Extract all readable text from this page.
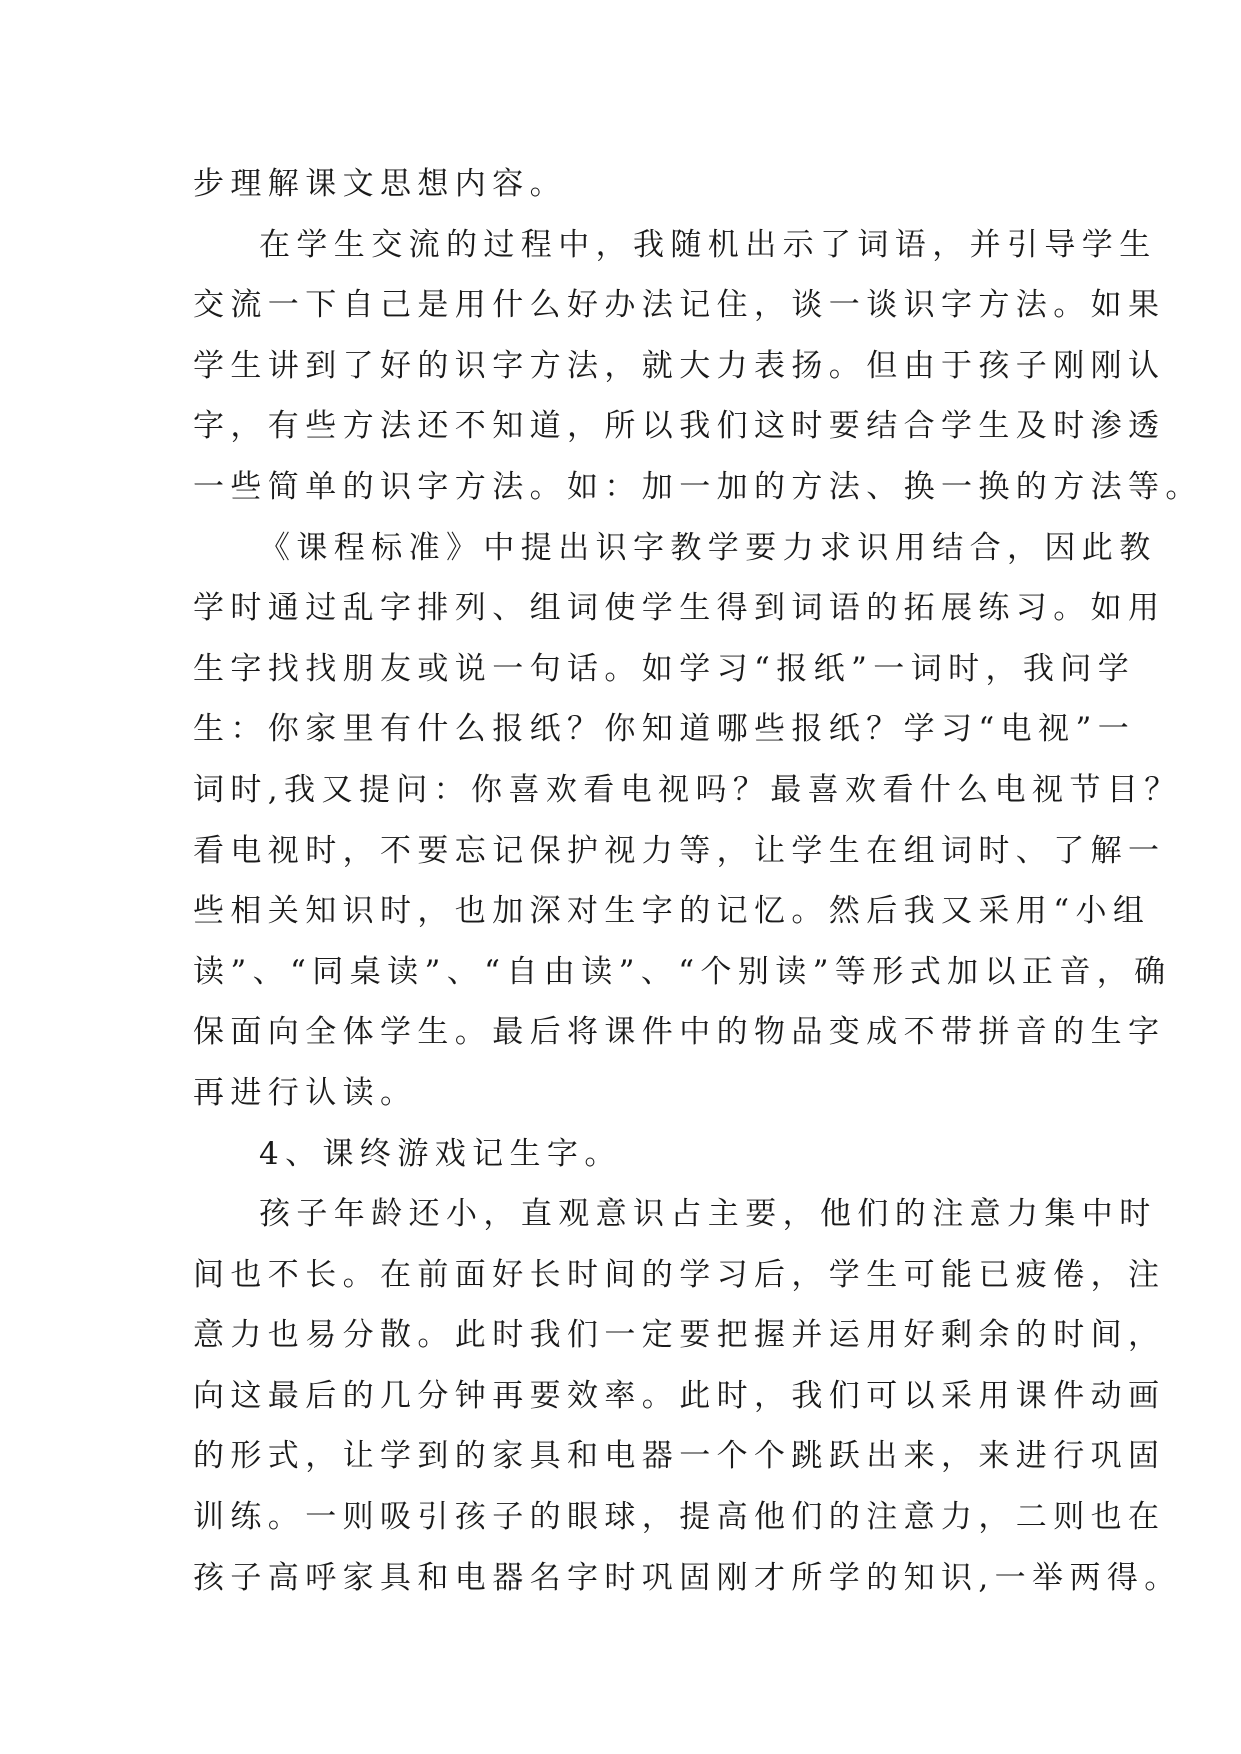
步理解课文思想内容。
在学生交流的过程中，我随机出示了词语，并引导学生
交流一下自己是用什么好办法记住，谈一谈识字方法。如果
学生讲到了好的识字方法，就大力表扬。但由于孩子刚刚认
字，有些方法还不知道，所以我们这时要结合学生及时渗透
一些简单的识字方法。如：加一加的方法、换一换的方法等。
《课程标准》中提出识字教学要力求识用结合，因此教
学时通过乱字排列、组词使学生得到词语的拓展练习。如用
生字找找朋友或说一句话。如学习“报纸”一词时，我问学
生：你家里有什么报纸？你知道哪些报纸？学习“电视”一
词时,我又提问：你喜欢看电视吗？最喜欢看什么电视节目？
看电视时，不要忘记保护视力等，让学生在组词时、了解一
些相关知识时，也加深对生字的记忆。然后我又采用“小组
读”、“同桌读”、“自由读”、“个别读”等形式加以正音，确
保面向全体学生。最后将课件中的物品变成不带拼音的生字
再进行认读。
4、课终游戏记生字。
孩子年龄还小，直观意识占主要，他们的注意力集中时
间也不长。在前面好长时间的学习后，学生可能已疲倦，注
意力也易分散。此时我们一定要把握并运用好剩余的时间，
向这最后的几分钟再要效率。此时，我们可以采用课件动画
的形式，让学到的家具和电器一个个跳跃出来，来进行巩固
训练。一则吸引孩子的眼球，提高他们的注意力，二则也在
孩子高呼家具和电器名字时巩固刚才所学的知识,一举两得。
